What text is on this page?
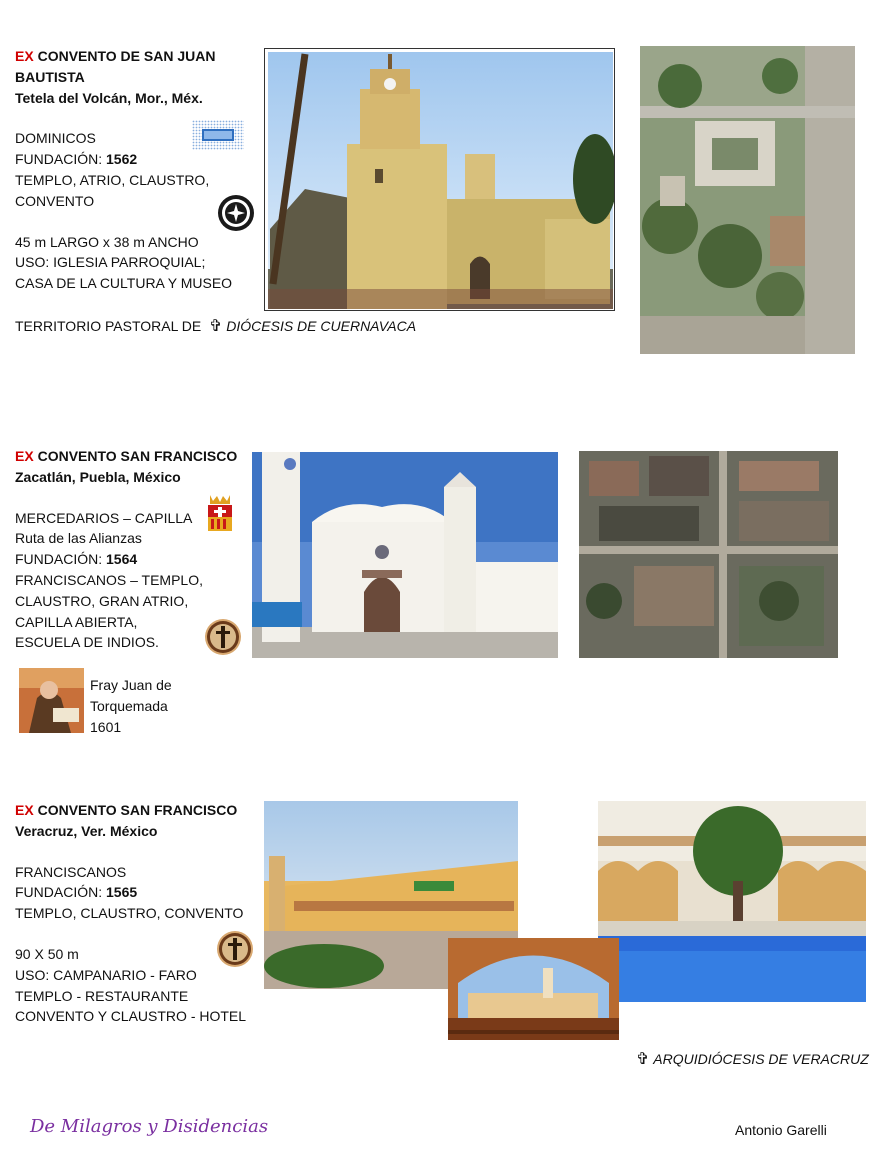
EX CONVENTO DE SAN JUAN
BAUTISTA
Tetela del Volcán, Mor., Méx.
DOMINICOS
FUNDACIÓN: 1562
TEMPLO, ATRIO, CLAUSTRO,
CONVENTO
45 m LARGO x 38 m ANCHO
USO: IGLESIA PARROQUIAL;
CASA DE LA CULTURA Y MUSEO
TERRITORIO PASTORAL DE ✞ DIÓCESIS DE CUERNAVACA
EX CONVENTO SAN FRANCISCO
Zacatlán, Puebla, México
MERCEDARIOS – CAPILLA
Ruta de las Alianzas
FUNDACIÓN: 1564
FRANCISCANOS – TEMPLO,
CLAUSTRO, GRAN ATRIO,
CAPILLA ABIERTA,
ESCUELA DE INDIOS.
Fray Juan de
Torquemada
1601
EX CONVENTO SAN FRANCISCO
Veracruz, Ver. México
FRANCISCANOS
FUNDACIÓN: 1565
TEMPLO, CLAUSTRO, CONVENTO
90 X 50 m
USO: CAMPANARIO - FARO
TEMPLO - RESTAURANTE
CONVENTO Y CLAUSTRO - HOTEL
✞ ARQUIDIÓCESIS DE VERACRUZ
De Milagros y Disidencias	Antonio Garelli
